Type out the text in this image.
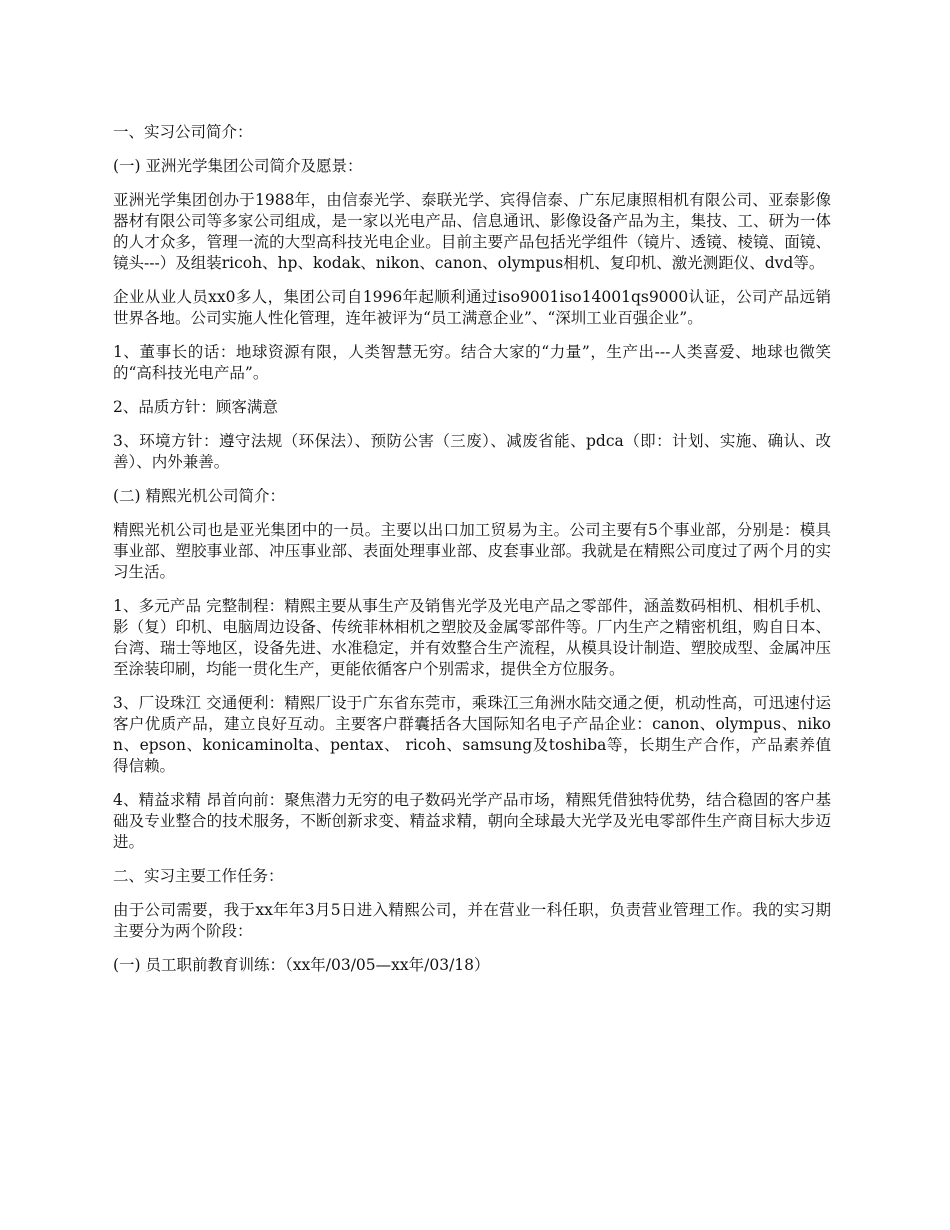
一、实习公司简介：

(一) 亚洲光学集团公司简介及愿景：

亚洲光学集团创办于1988年，由信泰光学、泰联光学、宾得信泰、广东尼康照相机有限公司、亚泰影像器材有限公司等多家公司组成，是一家以光电产品、信息通讯、影像设备产品为主，集技、工、研为一体的人才众多，管理一流的大型高科技光电企业。目前主要产品包括光学组件（镜片、透镜、棱镜、面镜、镜头---）及组装ricoh、hp、kodak、nikon、canon、olympus相机、复印机、激光测距仪、dvd等。

企业从业人员xx0多人，集团公司自1996年起顺利通过iso9001iso14001qs9000认证，公司产品远销世界各地。公司实施人性化管理，连年被评为“员工满意企业”、“深圳工业百强企业”。

1、董事长的话：地球资源有限，人类智慧无穷。结合大家的“力量”，生产出---人类喜爱、地球也微笑的“高科技光电产品”。

2、品质方针：顾客满意

3、环境方针：遵守法规（环保法）、预防公害（三废）、减废省能、pdca（即：计划、实施、确认、改善）、内外兼善。

(二) 精熙光机公司简介：

精熙光机公司也是亚光集团中的一员。主要以出口加工贸易为主。公司主要有5个事业部，分别是：模具事业部、塑胶事业部、冲压事业部、表面处理事业部、皮套事业部。我就是在精熙公司度过了两个月的实习生活。

1、多元产品 完整制程：精熙主要从事生产及销售光学及光电产品之零部件，涵盖数码相机、相机手机、影（复）印机、电脑周边设备、传统菲林相机之塑胶及金属零部件等。厂内生产之精密机组，购自日本、台湾、瑞士等地区，设备先进、水准稳定，并有效整合生产流程，从模具设计制造、塑胶成型、金属冲压至涂装印刷，均能一贯化生产，更能依循客户个别需求，提供全方位服务。

3、厂设珠江 交通便利：精熙厂设于广东省东莞市，乘珠江三角洲水陆交通之便，机动性高，可迅速付运客户优质产品，建立良好互动。主要客户群囊括各大国际知名电子产品企业：canon、olympus、nikon、epson、konicaminolta、pentax、 ricoh、samsung及toshiba等，长期生产合作，产品素养值得信赖。

4、精益求精 昂首向前：聚焦潜力无穷的电子数码光学产品市场，精熙凭借独特优势，结合稳固的客户基础及专业整合的技术服务，不断创新求变、精益求精，朝向全球最大光学及光电零部件生产商目标大步迈进。

二、实习主要工作任务：

由于公司需要，我于xx年年3月5日进入精熙公司，并在营业一科任职，负责营业管理工作。我的实习期主要分为两个阶段：

(一) 员工职前教育训练：（xx年/03/05—xx年/03/18）
